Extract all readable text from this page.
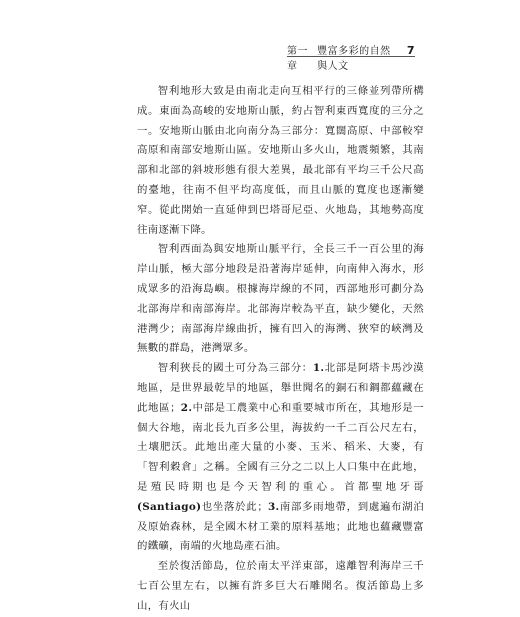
第一章
豐富多彩的自然與人文
7

智利地形大致是由南北走向互相平行的三條並列帶所構成。東面為高峻的安地斯山脈，約占智利東西寬度的三分之一。安地斯山脈由北向南分為三部分：寬闊高原、中部較窄高原和南部安地斯山區。安地斯山多火山，地震頻繁，其南部和北部的斜坡形態有很大差異，最北部有平均三千公尺高的臺地，往南不但平均高度低，而且山脈的寬度也逐漸變窄。從此開始一直延伸到巴塔哥尼亞、火地島，其地勢高度往南逐漸下降。

智利西面為與安地斯山脈平行，全長三千一百公里的海岸山脈，極大部分地段是沿著海岸延伸，向南伸入海水，形成眾多的沿海島嶼。根據海岸線的不同，西部地形可劃分為北部海岸和南部海岸。北部海岸較為平直，缺少變化，天然港灣少；南部海岸線曲折，擁有凹入的海灣、狹窄的峽灣及無數的群島，港灣眾多。

智利狹長的國土可分為三部分：1.北部是阿塔卡馬沙漠地區，是世界最乾旱的地區，舉世聞名的銅石和鋼都蘊藏在此地區；2.中部是工農業中心和重要城市所在，其地形是一個大谷地，南北長九百多公里，海拔約一千二百公尺左右，土壤肥沃。此地出產大量的小麥、玉米、稻米、大麥，有「智利穀倉」之稱。全國有三分之二以上人口集中在此地，是殖民時期也是今天智利的重心。首都聖地牙哥(Santiago)也坐落於此；3.南部多雨地帶，到處遍布湖泊及原始森林，是全國木材工業的原料基地；此地也蘊藏豐富的鐵礦，南端的火地島產石油。

至於復活節島，位於南太平洋東部，遠離智利海岸三千七百公里左右，以擁有許多巨大石雕聞名。復活節島上多山，有火山
